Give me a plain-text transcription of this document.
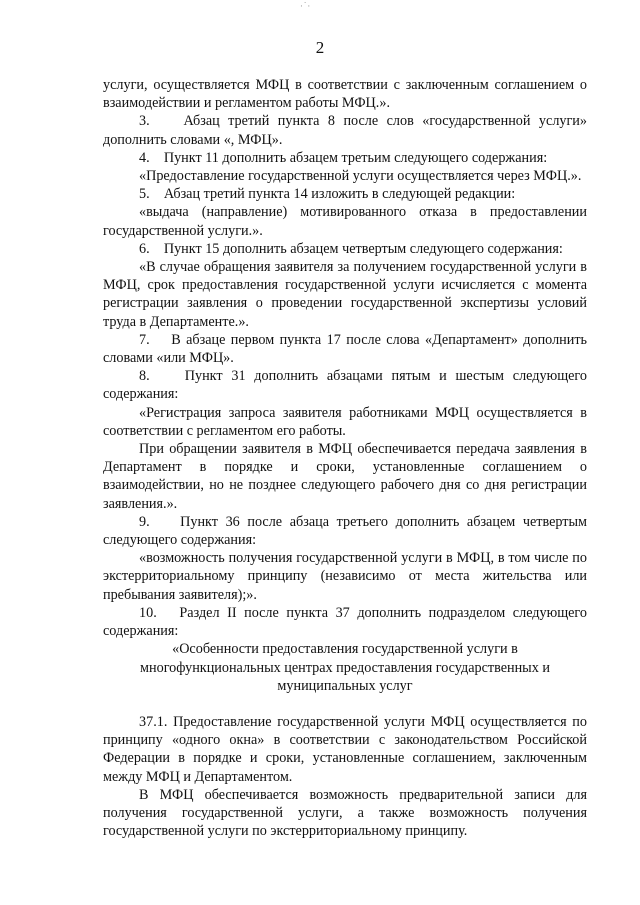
2

услуги, осуществляется МФЦ в соответствии с заключенным соглашением о взаимодействии и регламентом работы МФЦ.».

3.    Абзац третий пункта 8 после слов «государственной услуги» дополнить словами «, МФЦ».

4.    Пункт 11 дополнить абзацем третьим следующего содержания:

«Предоставление государственной услуги осуществляется через МФЦ.».

5.    Абзац третий пункта 14 изложить в следующей редакции:

«выдача (направление) мотивированного отказа в предоставлении государственной услуги.».

6.    Пункт 15 дополнить абзацем четвертым следующего содержания:

«В случае обращения заявителя за получением государственной услуги в МФЦ, срок предоставления государственной услуги исчисляется с момента регистрации заявления о проведении государственной экспертизы условий труда в Департаменте.».

7.    В абзаце первом пункта 17 после слова «Департамент» дополнить словами «или МФЦ».

8.    Пункт 31 дополнить абзацами пятым и шестым следующего содержания:

«Регистрация запроса заявителя работниками МФЦ осуществляется в соответствии с регламентом его работы.

При обращении заявителя в МФЦ обеспечивается передача заявления в Департамент в порядке и сроки, установленные соглашением о взаимодействии, но не позднее следующего рабочего дня со дня регистрации заявления.».

9.    Пункт 36 после абзаца третьего дополнить абзацем четвертым следующего содержания:

«возможность получения государственной услуги в МФЦ, в том числе по экстерриториальному принципу (независимо от места жительства или пребывания заявителя);».

10.   Раздел II после пункта 37 дополнить подразделом следующего содержания:

«Особенности предоставления государственной услуги в многофункциональных центрах предоставления государственных и муниципальных услуг

37.1. Предоставление государственной услуги МФЦ осуществляется по принципу «одного окна» в соответствии с законодательством Российской Федерации в порядке и сроки, установленные соглашением, заключенным между МФЦ и Департаментом.

В МФЦ обеспечивается возможность предварительной записи для получения государственной услуги, а также возможность получения государственной услуги по экстерриториальному принципу.

·˙·
